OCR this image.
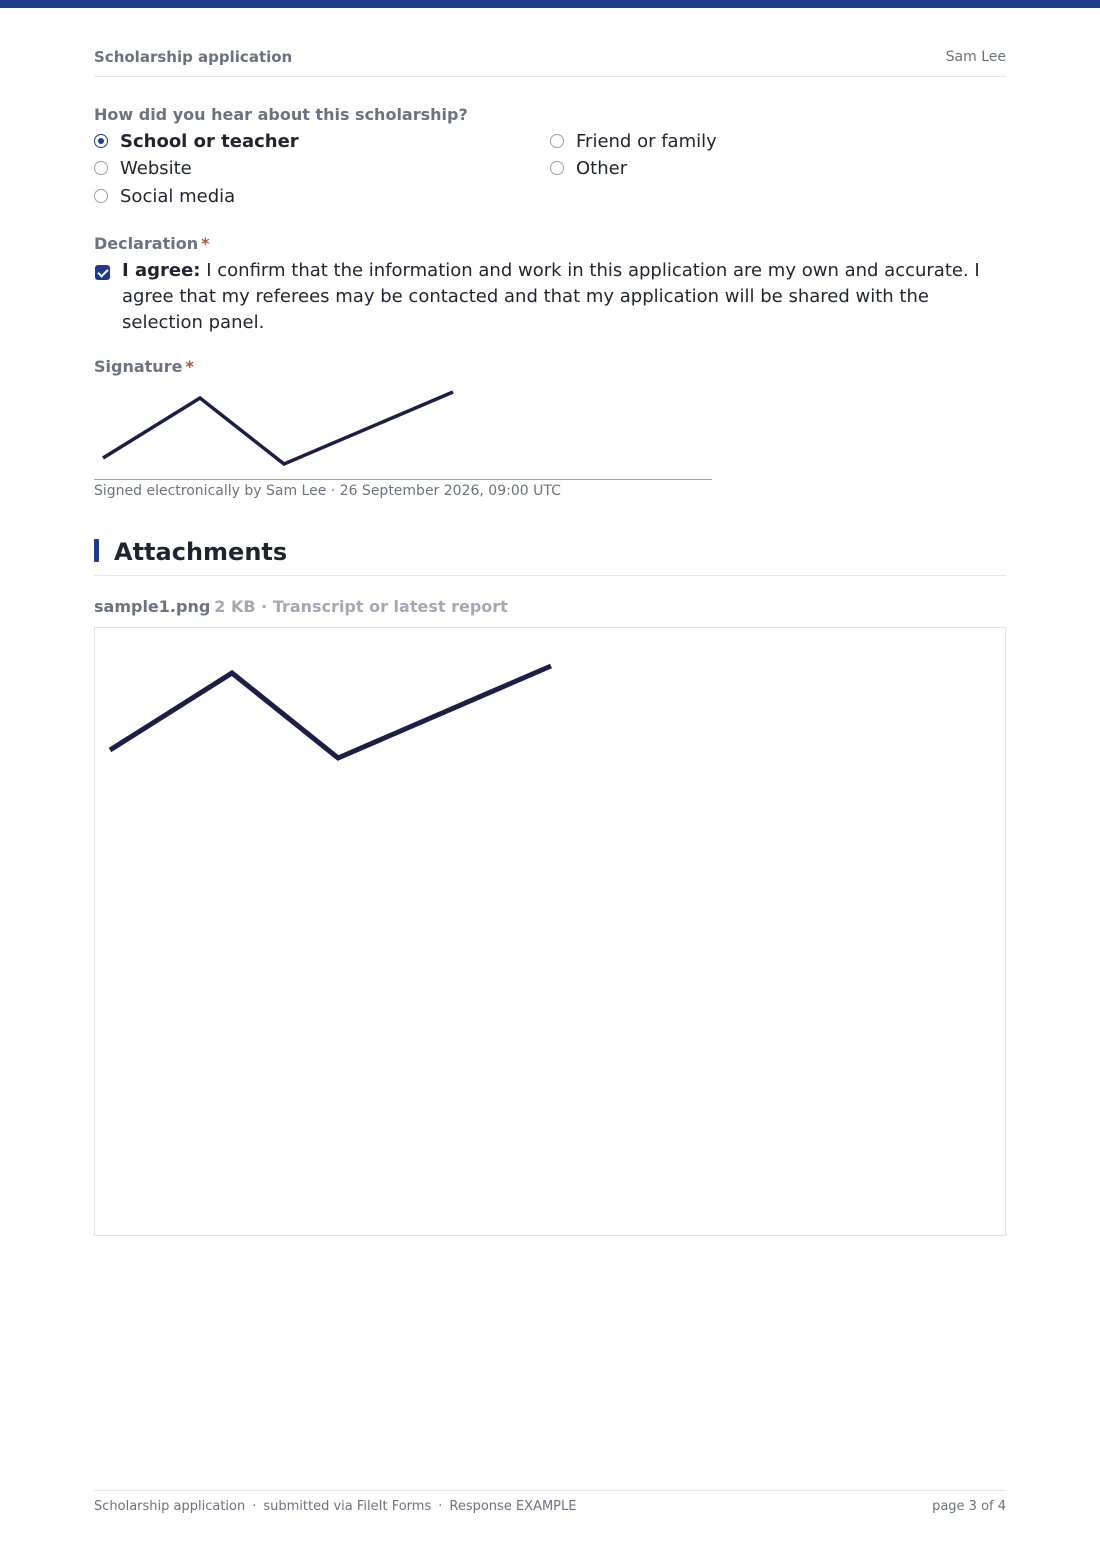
Scholarship application	Sam Lee
How did you hear about this scholarship?
School or teacher
Website
Social media
Friend or family
Other
Declaration *
I agree: I confirm that the information and work in this application are my own and accurate. I agree that my referees may be contacted and that my application will be shared with the selection panel.
Signature *
Signed electronically by Sam Lee · 26 September 2026, 09:00 UTC
Attachments
sample1.png 2 KB · Transcript or latest report
Scholarship application · submitted via FileIt Forms · Response EXAMPLE	page 3 of 4
